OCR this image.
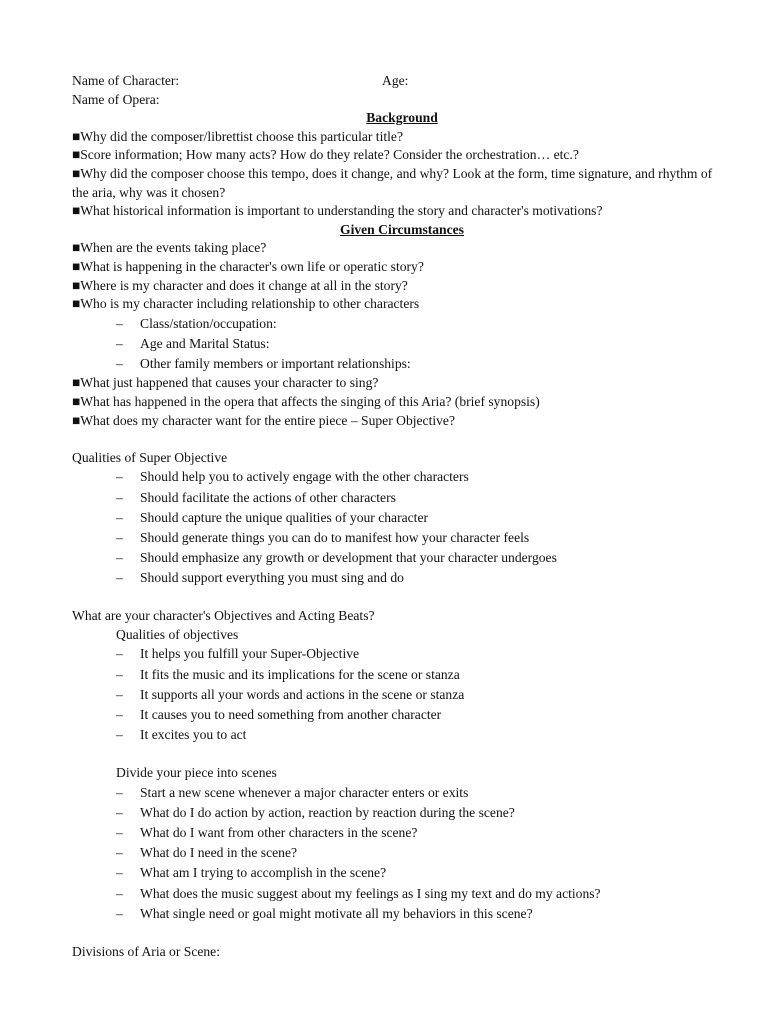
Name of Character:	Age:
Name of Opera:
Background
■Why did the composer/librettist choose this particular title?
■Score information; How many acts? How do they relate? Consider the orchestration… etc.?
■Why did the composer choose this tempo, does it change, and why? Look at the form, time signature, and rhythm of the aria, why was it chosen?
■What historical information is important to understanding the story and character's motivations?
Given Circumstances
■When are the events taking place?
■What is happening in the character's own life or operatic story?
■Where is my character and does it change at all in the story?
■Who is my character including relationship to other characters
– Class/station/occupation:
– Age and Marital Status:
– Other family members or important relationships:
■What just happened that causes your character to sing?
■What has happened in the opera that affects the singing of this Aria? (brief synopsis)
■What does my character want for the entire piece – Super Objective?
Qualities of Super Objective
– Should help you to actively engage with the other characters
– Should facilitate the actions of other characters
– Should capture the unique qualities of your character
– Should generate things you can do to manifest how your character feels
– Should emphasize any growth or development that your character undergoes
– Should support everything you must sing and do
What are your character's Objectives and Acting Beats?
Qualities of objectives
– It helps you fulfill your Super-Objective
– It fits the music and its implications for the scene or stanza
– It supports all your words and actions in the scene or stanza
– It causes you to need something from another character
– It excites you to act
Divide your piece into scenes
– Start a new scene whenever a major character enters or exits
– What do I do action by action, reaction by reaction during the scene?
– What do I want from other characters in the scene?
– What do I need in the scene?
– What am I trying to accomplish in the scene?
– What does the music suggest about my feelings as I sing my text and do my actions?
– What single need or goal might motivate all my behaviors in this scene?
Divisions of Aria or Scene:
